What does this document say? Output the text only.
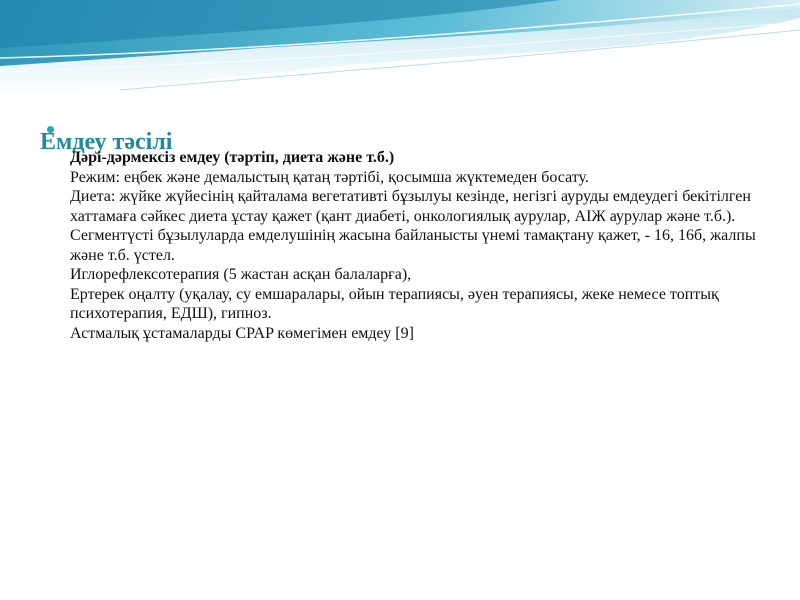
Емдеу тәсілі

Дәрі-дәрмексіз емдеу (тәртіп, диета және т.б.)

Режим: еңбек және демалыстың қатаң тәртібі, қосымша жүктемеден босату.

Диета: жүйке жүйесінің қайталама вегетативті бұзылуы кезінде, негізгі ауруды емдеудегі бекітілген хаттамаға сәйкес диета ұстау қажет (қант диабеті, онкологиялық аурулар, АІЖ аурулар және т.б.).

Сегментүсті бұзылуларда емделушінің жасына байланысты үнемі тамақтану қажет, - 16, 16б, жалпы және т.б. үстел.

Иглорефлексотерапия (5 жастан асқан балаларға),

Ертерек оңалту (уқалау, су емшаралары, ойын терапиясы, әуен терапиясы, жеке немесе топтық психотерапия, ЕДШ), гипноз.

Астмалық ұстамаларды CPAP көмегімен емдеу [9]
